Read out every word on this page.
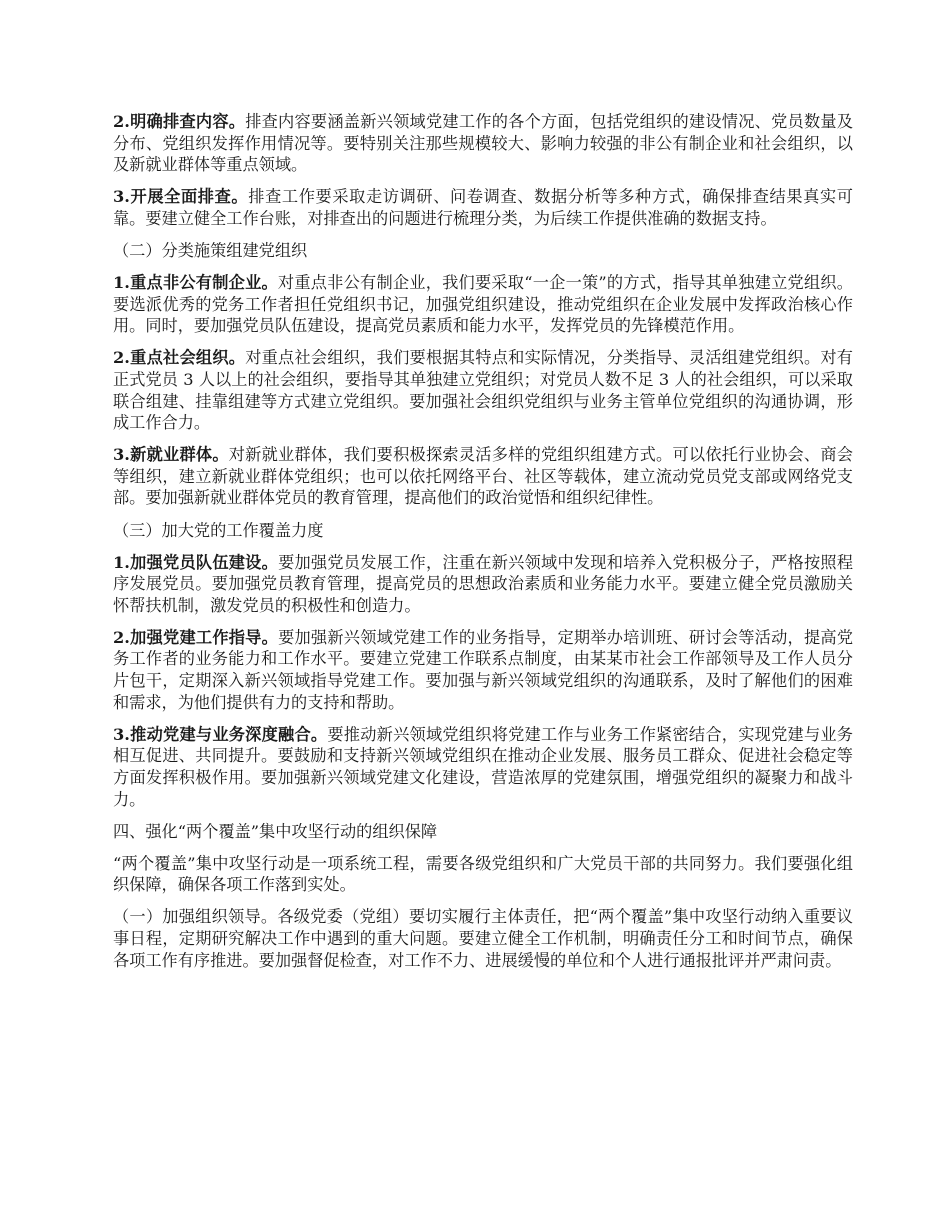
2.明确排查内容。排查内容要涵盖新兴领域党建工作的各个方面，包括党组织的建设情况、党员数量及分布、党组织发挥作用情况等。要特别关注那些规模较大、影响力较强的非公有制企业和社会组织，以及新就业群体等重点领域。

3.开展全面排查。排查工作要采取走访调研、问卷调查、数据分析等多种方式，确保排查结果真实可靠。要建立健全工作台账，对排查出的问题进行梳理分类，为后续工作提供准确的数据支持。

（二）分类施策组建党组织

1.重点非公有制企业。对重点非公有制企业，我们要采取“一企一策”的方式，指导其单独建立党组织。要选派优秀的党务工作者担任党组织书记，加强党组织建设，推动党组织在企业发展中发挥政治核心作用。同时，要加强党员队伍建设，提高党员素质和能力水平，发挥党员的先锋模范作用。

2.重点社会组织。对重点社会组织，我们要根据其特点和实际情况，分类指导、灵活组建党组织。对有正式党员 3 人以上的社会组织，要指导其单独建立党组织；对党员人数不足 3 人的社会组织，可以采取联合组建、挂靠组建等方式建立党组织。要加强社会组织党组织与业务主管单位党组织的沟通协调，形成工作合力。

3.新就业群体。对新就业群体，我们要积极探索灵活多样的党组织组建方式。可以依托行业协会、商会等组织，建立新就业群体党组织；也可以依托网络平台、社区等载体，建立流动党员党支部或网络党支部。要加强新就业群体党员的教育管理，提高他们的政治觉悟和组织纪律性。

（三）加大党的工作覆盖力度

1.加强党员队伍建设。要加强党员发展工作，注重在新兴领域中发现和培养入党积极分子，严格按照程序发展党员。要加强党员教育管理，提高党员的思想政治素质和业务能力水平。要建立健全党员激励关怀帮扶机制，激发党员的积极性和创造力。

2.加强党建工作指导。要加强新兴领域党建工作的业务指导，定期举办培训班、研讨会等活动，提高党务工作者的业务能力和工作水平。要建立党建工作联系点制度，由某某市社会工作部领导及工作人员分片包干，定期深入新兴领域指导党建工作。要加强与新兴领域党组织的沟通联系，及时了解他们的困难和需求，为他们提供有力的支持和帮助。

3.推动党建与业务深度融合。要推动新兴领域党组织将党建工作与业务工作紧密结合，实现党建与业务相互促进、共同提升。要鼓励和支持新兴领域党组织在推动企业发展、服务员工群众、促进社会稳定等方面发挥积极作用。要加强新兴领域党建文化建设，营造浓厚的党建氛围，增强党组织的凝聚力和战斗力。

四、强化“两个覆盖”集中攻坚行动的组织保障

“两个覆盖”集中攻坚行动是一项系统工程，需要各级党组织和广大党员干部的共同努力。我们要强化组织保障，确保各项工作落到实处。

（一）加强组织领导。各级党委（党组）要切实履行主体责任，把“两个覆盖”集中攻坚行动纳入重要议事日程，定期研究解决工作中遇到的重大问题。要建立健全工作机制，明确责任分工和时间节点，确保各项工作有序推进。要加强督促检查，对工作不力、进展缓慢的单位和个人进行通报批评并严肃问责。
